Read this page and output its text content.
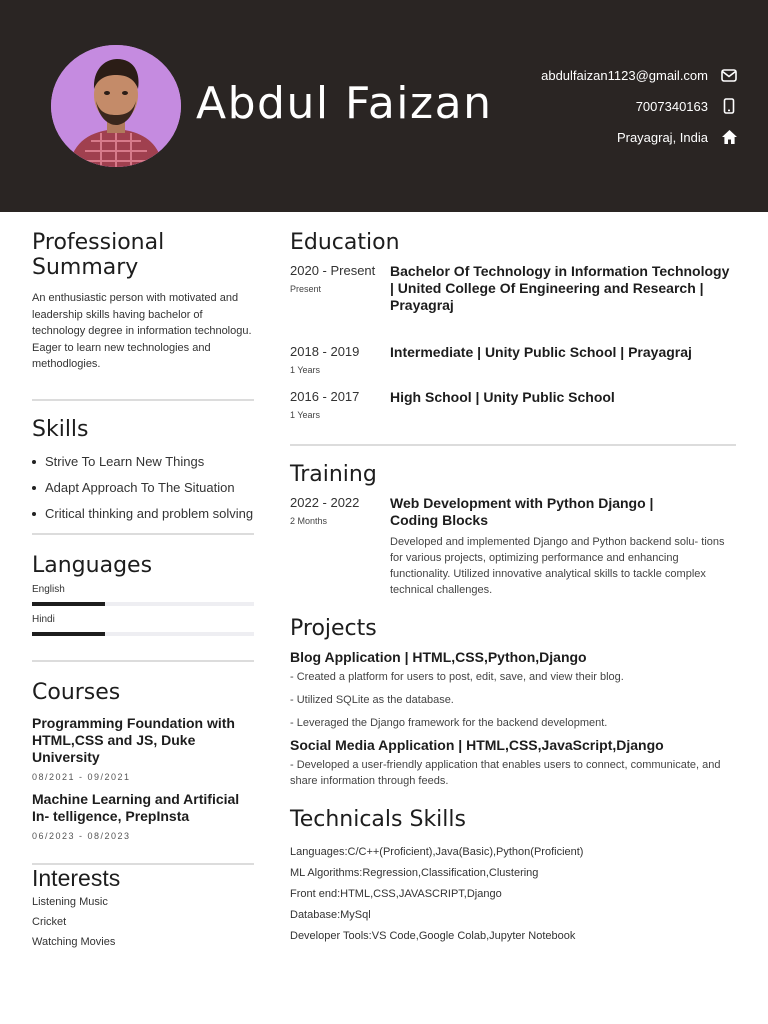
Abdul Faizan
abdulfaizan1123@gmail.com
7007340163
Prayagraj, India
Professional Summary
An enthusiastic person with motivated and leadership skills having bachelor of technology degree in information technologu. Eager to learn new technologies and methodlogies.
Skills
Strive To Learn New Things
Adapt Approach To The Situation
Critical thinking and problem solving
Languages
English
Hindi
Courses
Programming Foundation with HTML,CSS and JS, Duke University
08/2021 - 09/2021
Machine Learning and Artificial In- telligence, PrepInsta
06/2023 - 08/2023
Interests
Listening Music
Cricket
Watching Movies
Education
2020 - Present
Present
Bachelor Of Technology in Information Technology | United College Of Engineering and Research | Prayagraj
2018 - 2019
1 Years
Intermediate | Unity Public School | Prayagraj
2016 - 2017
1 Years
High School | Unity Public School
Training
2022 - 2022
2 Months
Web Development with Python Django | Coding Blocks
Developed and implemented Django and Python backend solu- tions for various projects, optimizing performance and enhancing functionality. Utilized innovative analytical skills to tackle complex technical challenges.
Projects
Blog Application | HTML,CSS,Python,Django
- Created a platform for users to post, edit, save, and view their blog.
- Utilized SQLite as the database.
- Leveraged the Django framework for the backend development.
Social Media Application | HTML,CSS,JavaScript,Django
- Developed a user-friendly application that enables users to connect, communicate, and share information through feeds.
Technicals Skills
Languages:C/C++(Proficient),Java(Basic),Python(Proficient)
ML Algorithms:Regression,Classification,Clustering
Front end:HTML,CSS,JAVASCRIPT,Django
Database:MySql
Developer Tools:VS Code,Google Colab,Jupyter Notebook
